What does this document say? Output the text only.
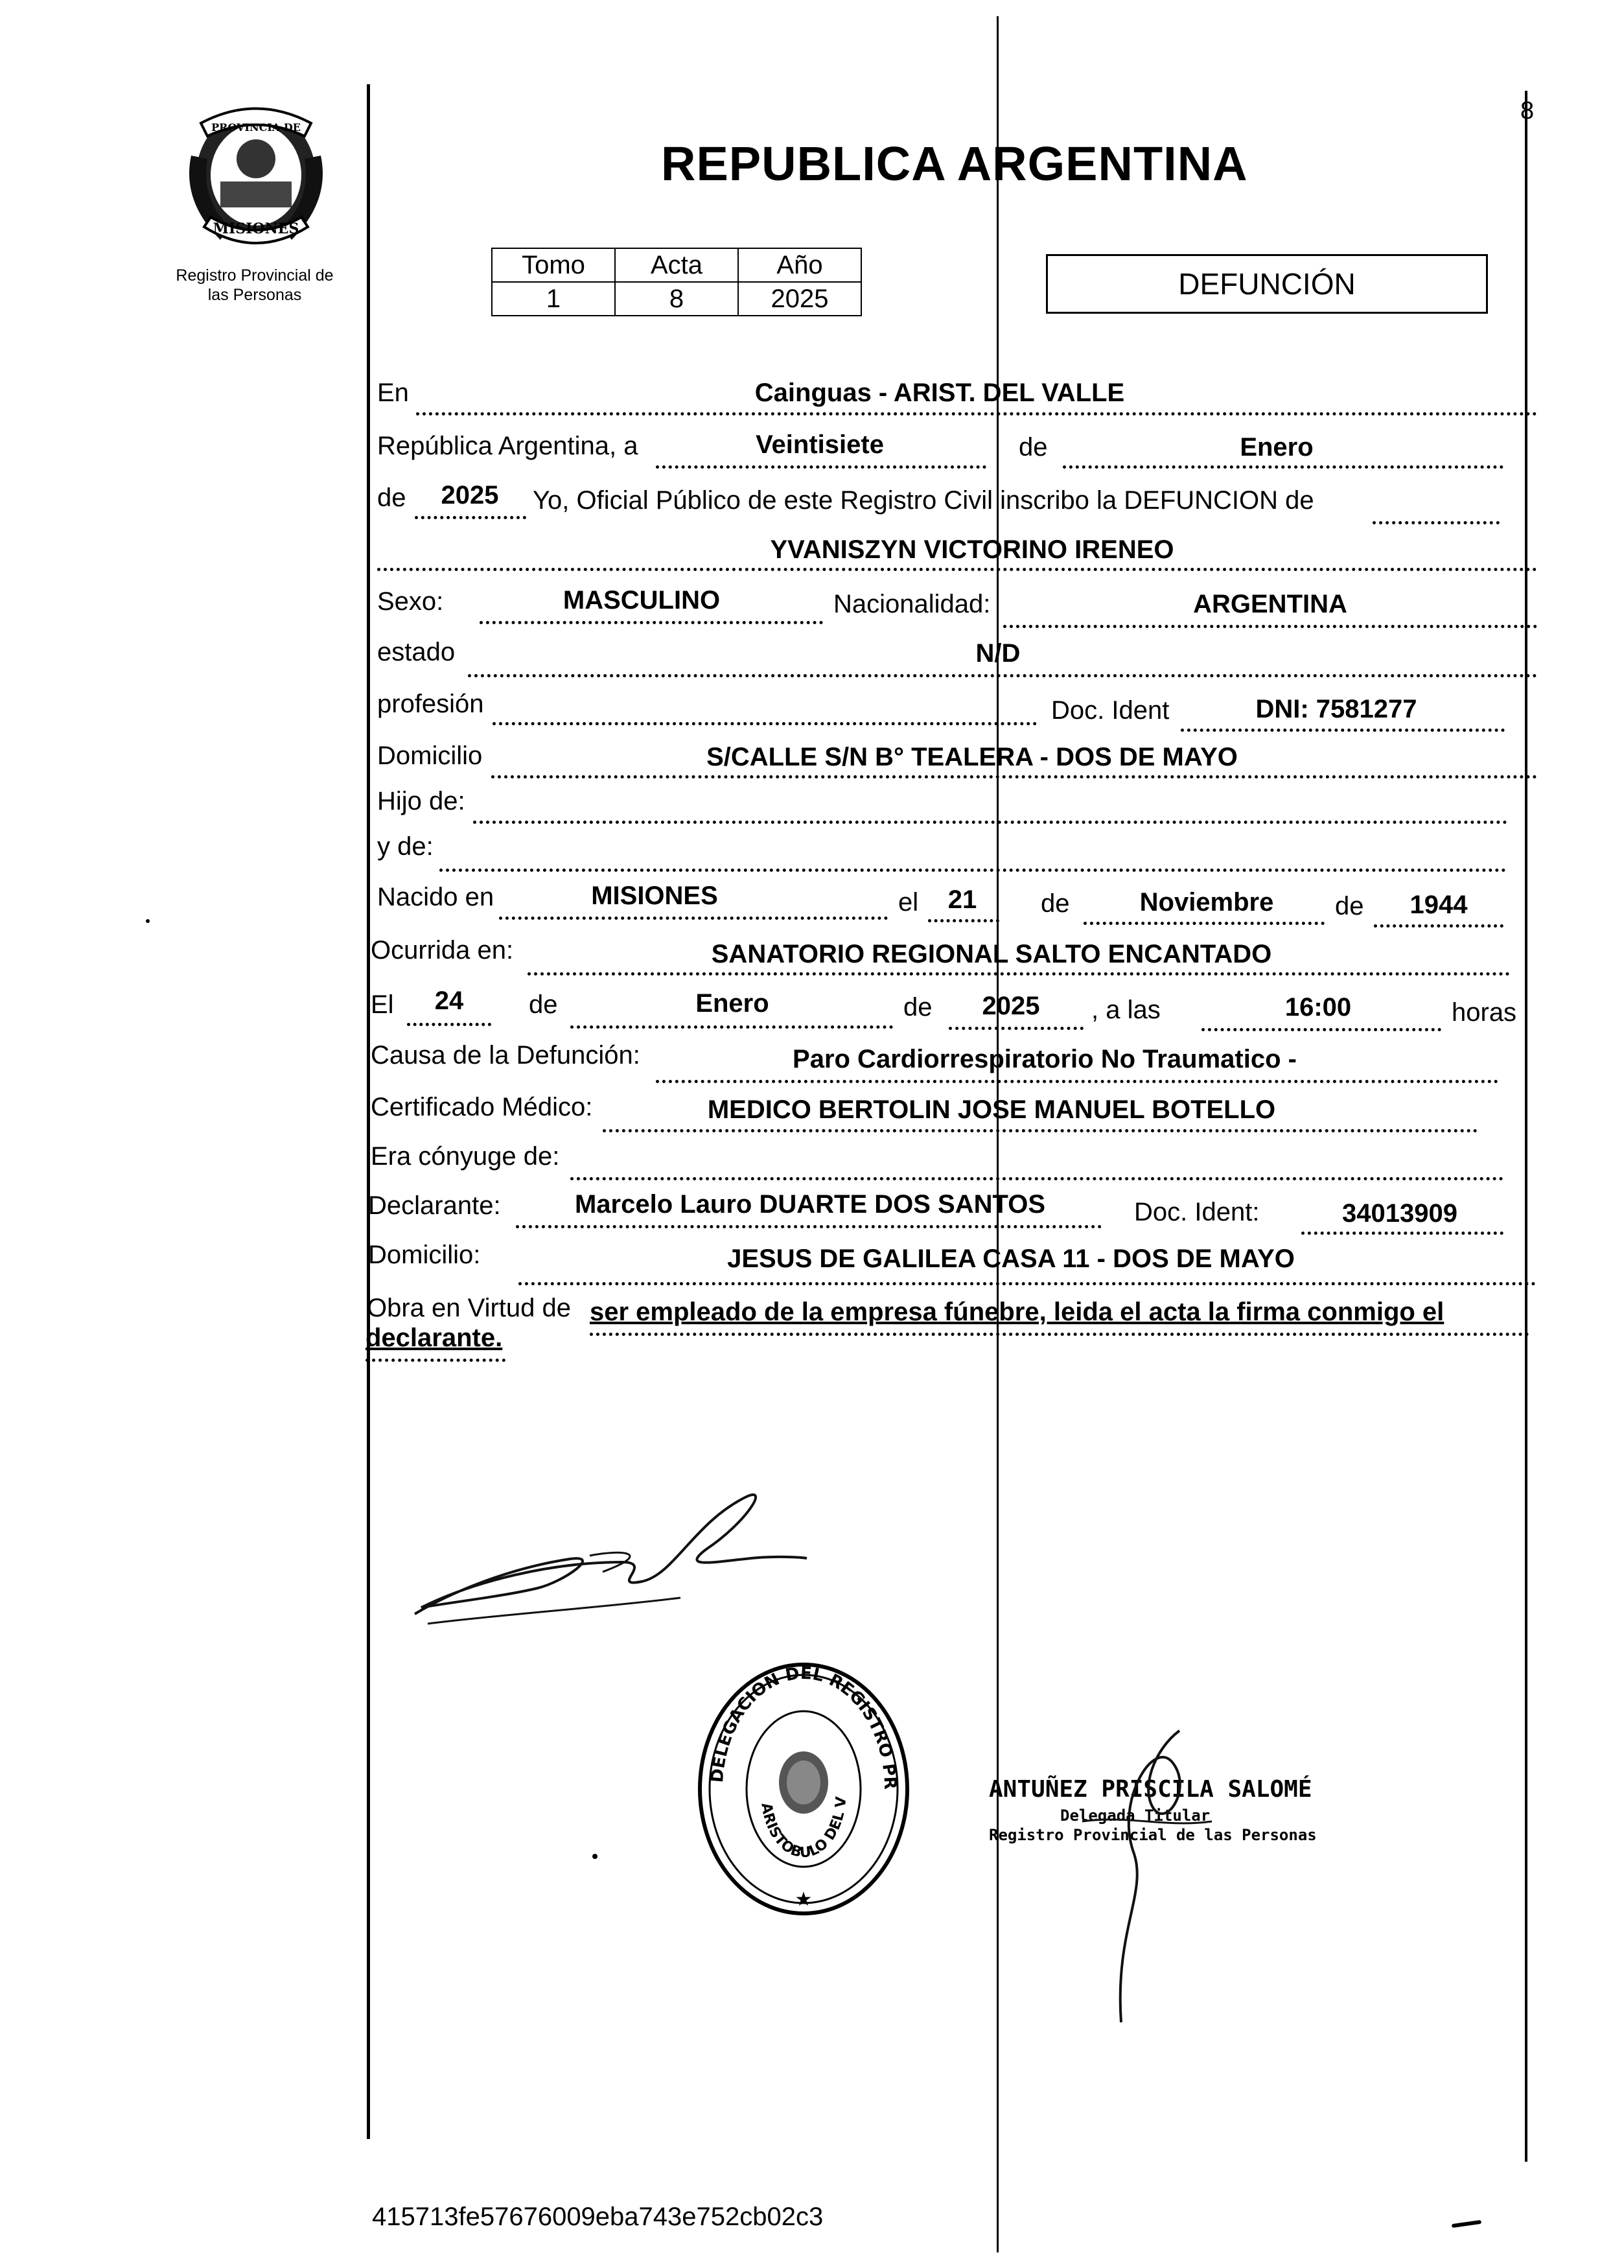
8
PROVINCIA DE
MISIONES
Registro Provincial de
las Personas
REPUBLICA ARGENTINA
Tomo	Acta	Año
1	8	2025	DEFUNCIÓN
En	Cainguas - ARIST. DEL VALLE
República Argentina, a	Veintisiete	de	Enero
de	2025	Yo, Oficial Público de este Registro Civil inscribo la DEFUNCION de
YVANISZYN VICTORINO IRENEO
Sexo:	MASCULINO	Nacionalidad:	ARGENTINA
estado	N/D
profesión	Doc. Ident	DNI: 7581277
Domicilio	S/CALLE S/N B° TEALERA - DOS DE MAYO
Hijo de:
y de:
Nacido en	MISIONES	el	21	de	Noviembre	de	1944
Ocurrida en:	SANATORIO REGIONAL SALTO ENCANTADO
El	24	de	Enero	de	2025	, a las	16:00	horas
Causa de la Defunción:	Paro Cardiorrespiratorio No Traumatico -
Certificado Médico:	MEDICO BERTOLIN JOSE MANUEL BOTELLO
Era cónyuge de:
Declarante:	Marcelo Lauro DUARTE DOS SANTOS	Doc. Ident:	34013909
Domicilio:	JESUS DE GALILEA CASA 11 - DOS DE MAYO
Obra en Virtud de ser empleado de la empresa fúnebre, leida el acta la firma conmigo el
declarante.
DELEGACION DEL REGISTRO PR
ARISTOBULO DEL V
★
ANTUÑEZ PRISCILA SALOMÉ
Delegada Titular
Registro Provincial de las Personas
415713fe57676009eba743e752cb02c3
